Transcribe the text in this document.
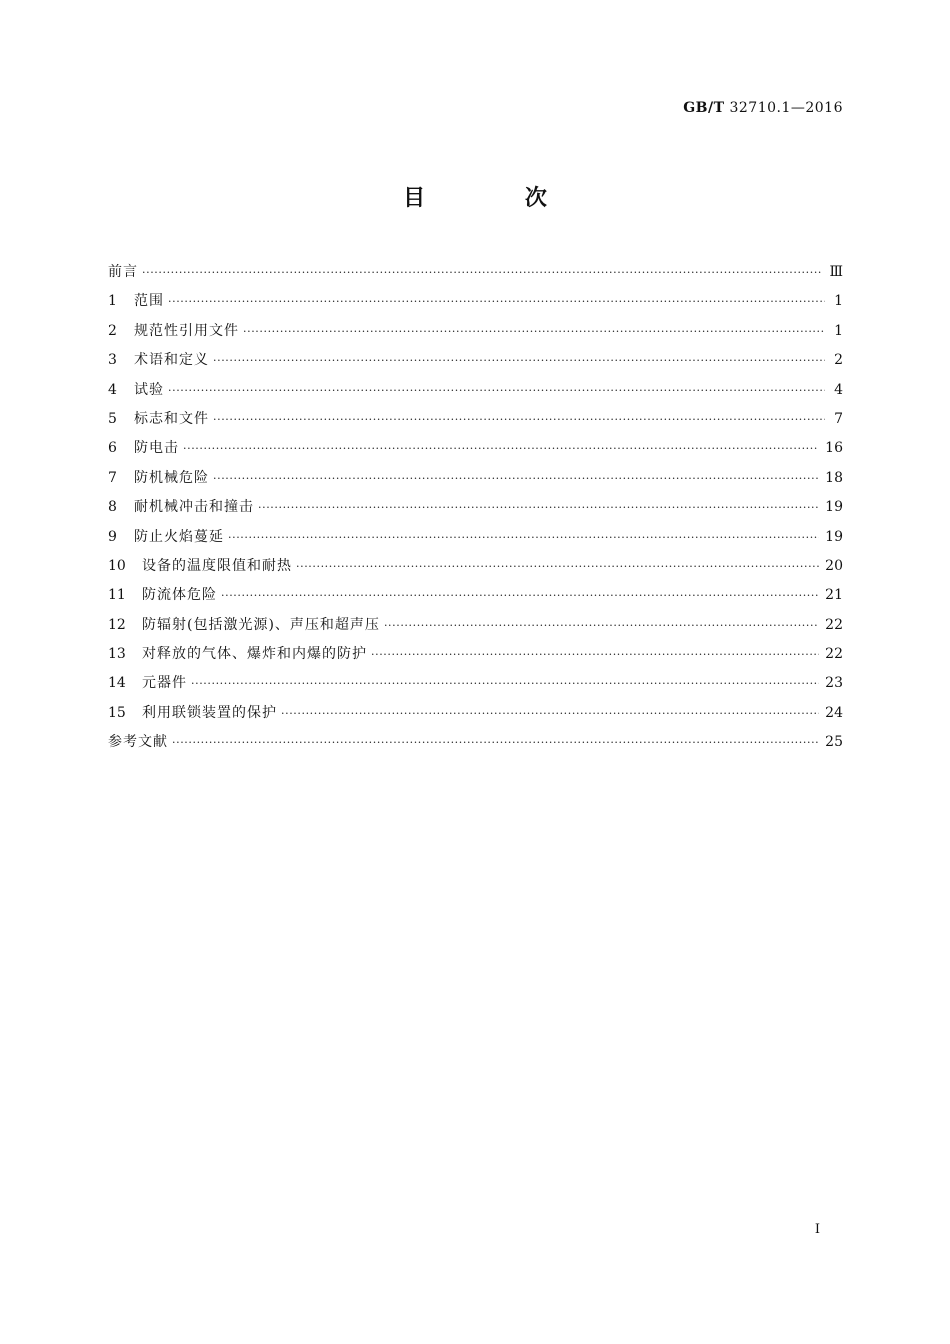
GB/T 32710.1—2016
目 次
前言 ·····	Ⅲ
1	范围 ·····	1
2	规范性引用文件 ·····	1
3	术语和定义 ·····	2
4	试验 ·····	4
5	标志和文件 ·····	7
6	防电击 ·····	16
7	防机械危险 ·····	18
8	耐机械冲击和撞击 ·····	19
9	防止火焰蔓延 ·····	19
10	设备的温度限值和耐热 ·····	20
11	防流体危险 ·····	21
12	防辐射(包括激光源)、声压和超声压 ·····	22
13	对释放的气体、爆炸和内爆的防护 ·····	22
14	元器件 ·····	23
15	利用联锁装置的保护 ·····	24
参考文献 ·····	25
Ⅰ
